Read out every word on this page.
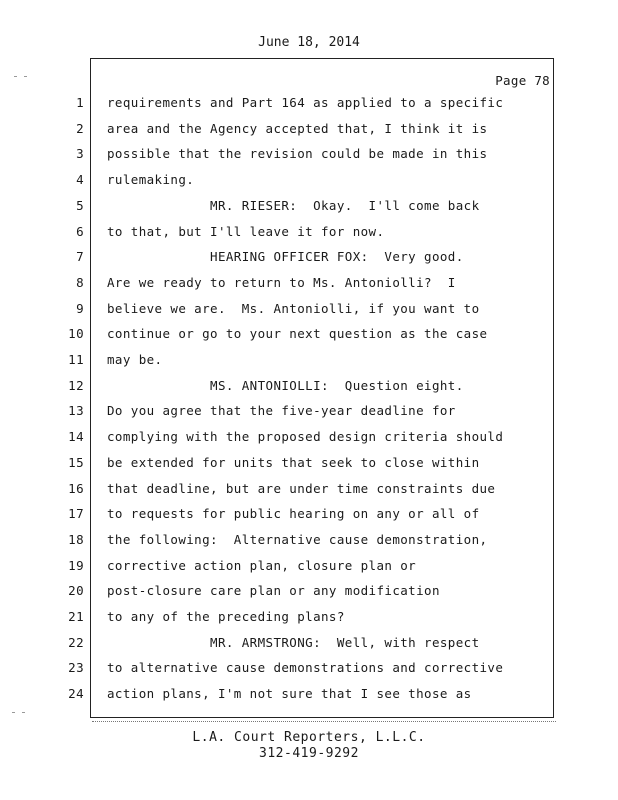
June 18, 2014
Page 78
1 requirements and Part 164 as applied to a specific
2 area and the Agency accepted that, I think it is
3 possible that the revision could be made in this
4 rulemaking.
5 MR. RIESER:  Okay.  I'll come back
6 to that, but I'll leave it for now.
7 HEARING OFFICER FOX:  Very good.
8 Are we ready to return to Ms. Antoniolli?  I
9 believe we are.  Ms. Antoniolli, if you want to
10 continue or go to your next question as the case
11 may be.
12 MS. ANTONIOLLI:  Question eight.
13 Do you agree that the five-year deadline for
14 complying with the proposed design criteria should
15 be extended for units that seek to close within
16 that deadline, but are under time constraints due
17 to requests for public hearing on any or all of
18 the following:  Alternative cause demonstration,
19 corrective action plan, closure plan or
20 post-closure care plan or any modification
21 to any of the preceding plans?
22 MR. ARMSTRONG:  Well, with respect
23 to alternative cause demonstrations and corrective
24 action plans, I'm not sure that I see those as
L.A. Court Reporters, L.L.C.
312-419-9292
